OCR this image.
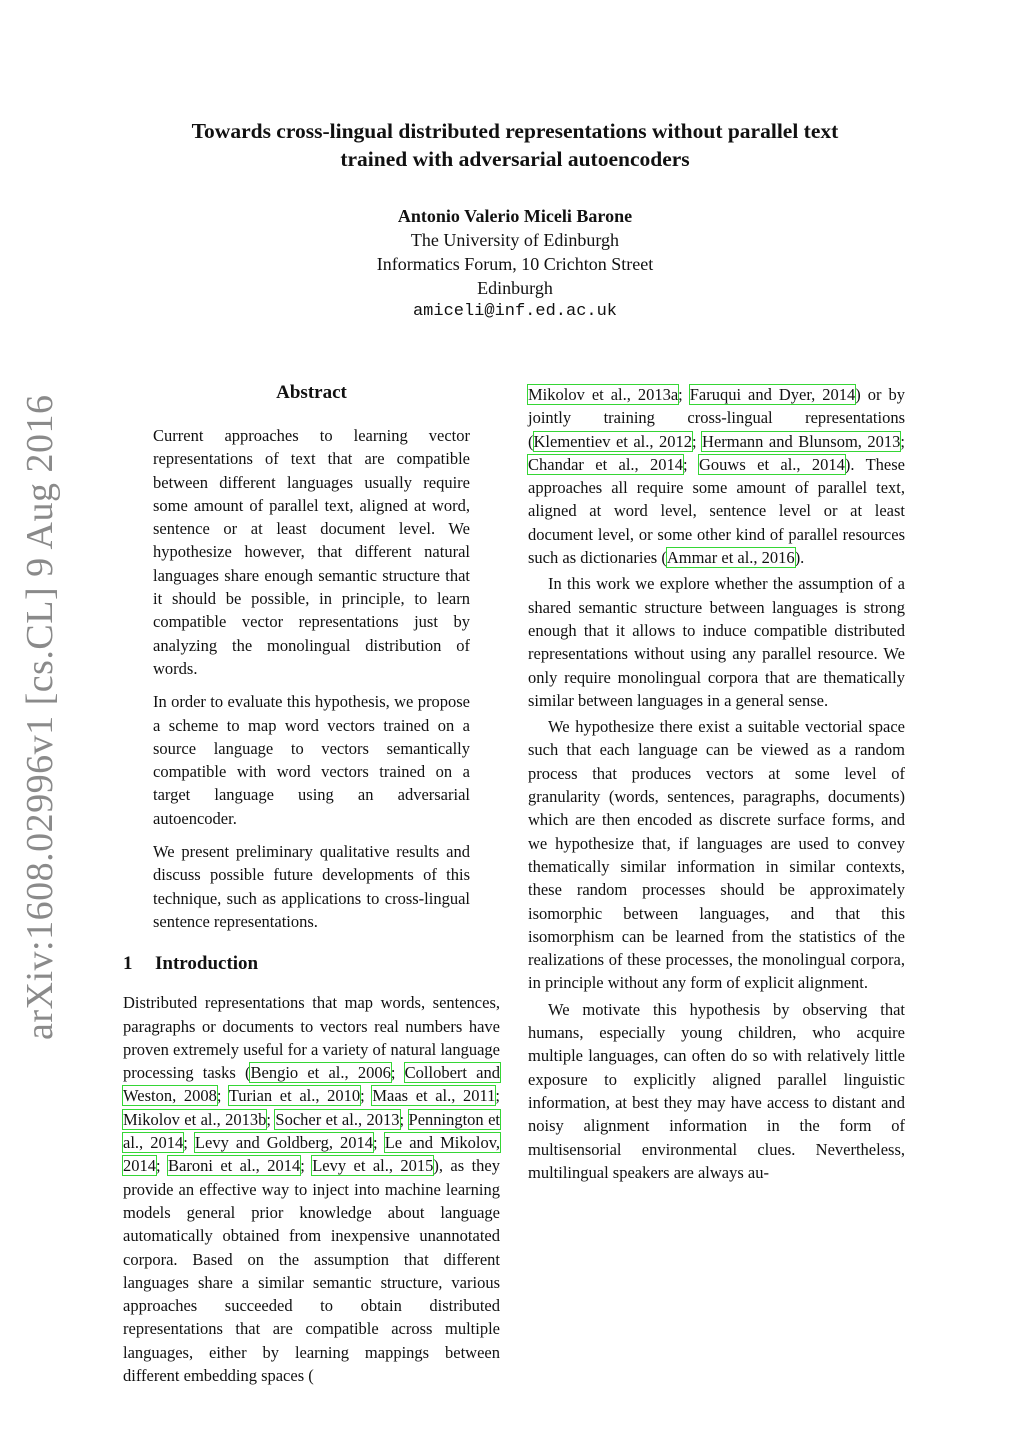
Towards cross-lingual distributed representations without parallel text
trained with adversarial autoencoders
Antonio Valerio Miceli Barone
The University of Edinburgh
Informatics Forum, 10 Crichton Street
Edinburgh
amiceli@inf.ed.ac.uk
arXiv:1608.02996v1 [cs.CL] 9 Aug 2016
Abstract

Current approaches to learning vector representations of text that are compatible between different languages usually require some amount of parallel text, aligned at word, sentence or at least document level. We hypothesize however, that different natural languages share enough semantic structure that it should be possible, in principle, to learn compatible vector representations just by analyzing the monolingual distribution of words.

In order to evaluate this hypothesis, we propose a scheme to map word vectors trained on a source language to vectors semantically compatible with word vectors trained on a target language using an adversarial autoencoder.

We present preliminary qualitative results and discuss possible future developments of this technique, such as applications to cross-lingual sentence representations.

1 Introduction

Distributed representations that map words, sentences, paragraphs or documents to vectors real numbers have proven extremely useful for a variety of natural language processing tasks (Bengio et al., 2006; Collobert and Weston, 2008; Turian et al., 2010; Maas et al., 2011; Mikolov et al., 2013b; Socher et al., 2013; Pennington et al., 2014; Levy and Goldberg, 2014; Le and Mikolov, 2014; Baroni et al., 2014; Levy et al., 2015), as they provide an effective way to inject into machine learning models general prior knowledge about language automatically obtained from inexpensive unannotated corpora. Based on the assumption that different languages share a similar semantic structure, various approaches succeeded to obtain distributed representations that are compatible across multiple languages, either by learning mappings between different embedding spaces (

Mikolov et al., 2013a; Faruqui and Dyer, 2014) or by jointly training cross-lingual representations (Klementiev et al., 2012; Hermann and Blunsom, 2013; Chandar et al., 2014; Gouws et al., 2014). These approaches all require some amount of parallel text, aligned at word level, sentence level or at least document level, or some other kind of parallel resources such as dictionaries (Ammar et al., 2016).

In this work we explore whether the assumption of a shared semantic structure between languages is strong enough that it allows to induce compatible distributed representations without using any parallel resource. We only require monolingual corpora that are thematically similar between languages in a general sense.

We hypothesize there exist a suitable vectorial space such that each language can be viewed as a random process that produces vectors at some level of granularity (words, sentences, paragraphs, documents) which are then encoded as discrete surface forms, and we hypothesize that, if languages are used to convey thematically similar information in similar contexts, these random processes should be approximately isomorphic between languages, and that this isomorphism can be learned from the statistics of the realizations of these processes, the monolingual corpora, in principle without any form of explicit alignment.

We motivate this hypothesis by observing that humans, especially young children, who acquire multiple languages, can often do so with relatively little exposure to explicitly aligned parallel linguistic information, at best they may have access to distant and noisy alignment information in the form of multisensorial environmental clues. Nevertheless, multilingual speakers are always au-
